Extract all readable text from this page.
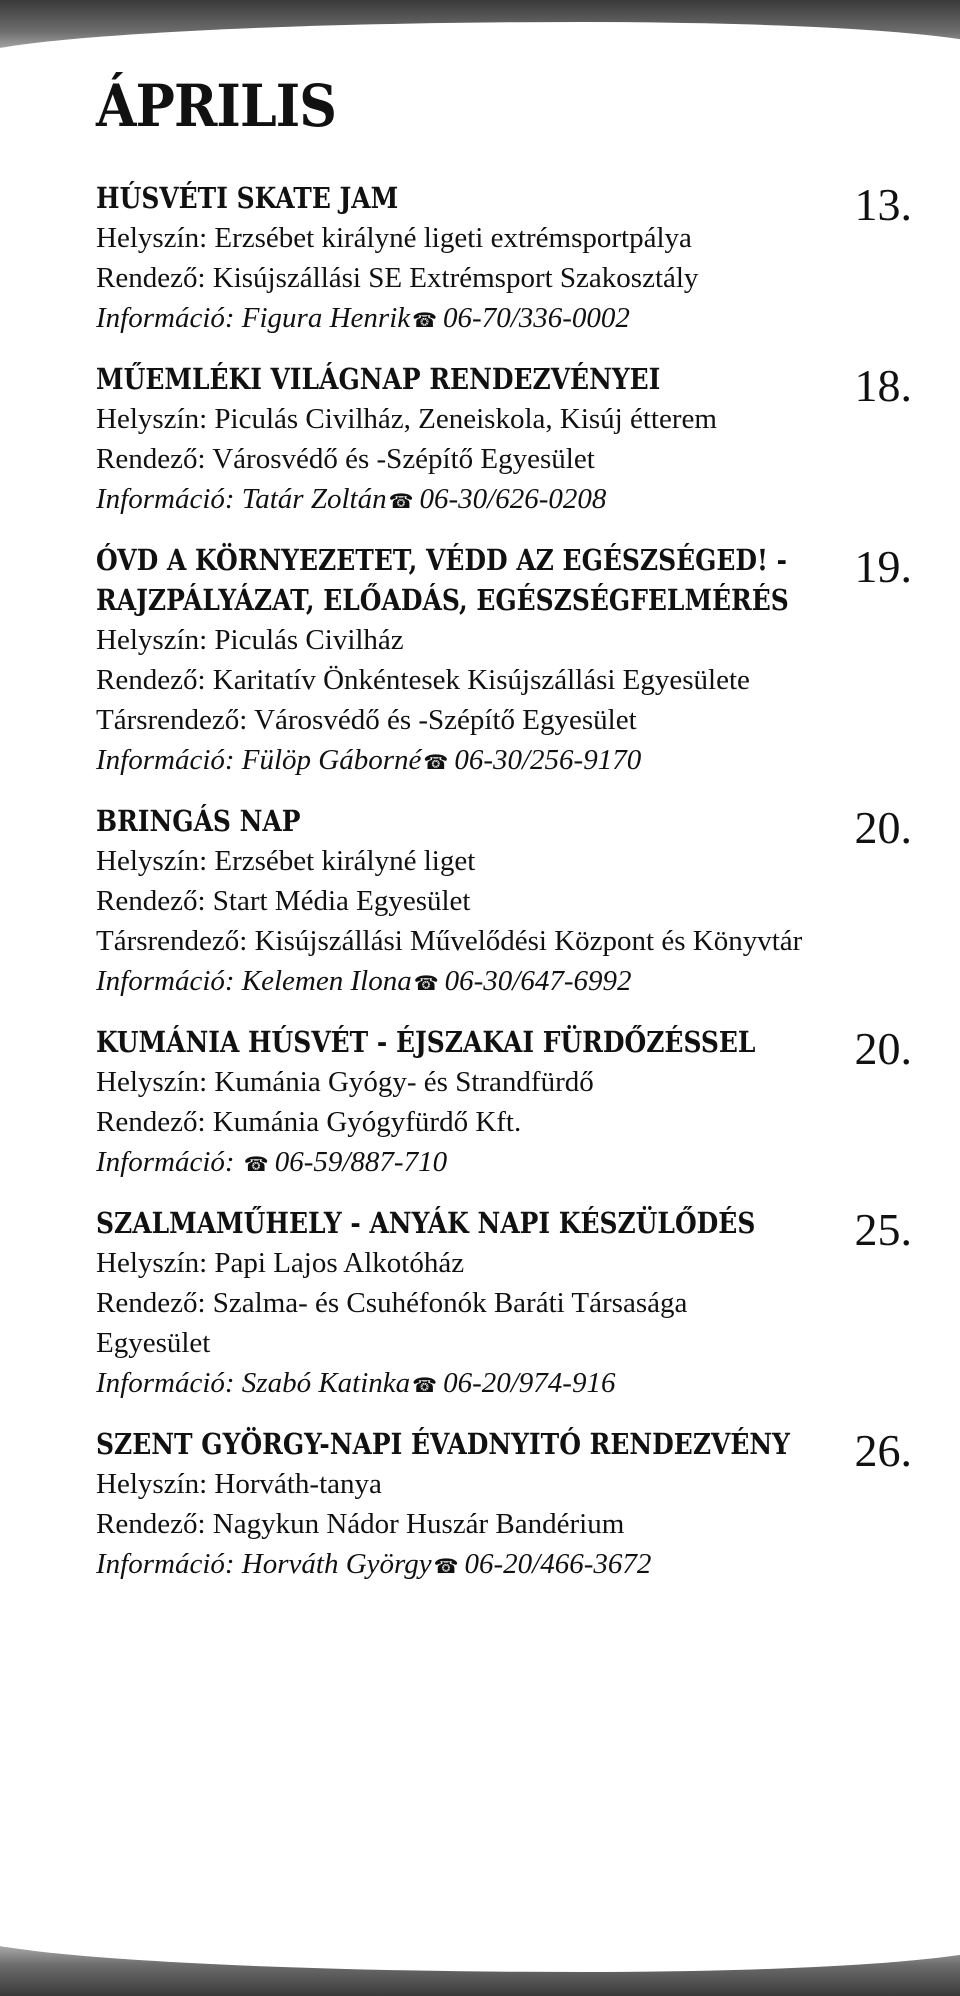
ÁPRILIS
HÚSVÉTI SKATE JAM
Helyszín: Erzsébet királyné ligeti extrémsportpálya
Rendező: Kisújszállási SE Extrémsport Szakosztály
Információ: Figura Henrik ☎ 06-70/336-0002
13.
MŰEMLÉKI VILÁGNAP RENDEZVÉNYEI
Helyszín: Piculás Civilház, Zeneiskola, Kisúj étterem
Rendező: Városvédő és -Szépítő Egyesület
Információ: Tatár Zoltán ☎ 06-30/626-0208
18.
ÓVD A KÖRNYEZETET, VÉDD AZ EGÉSZSÉGED! -
RAJZPÁLYÁZAT, ELŐADÁS, EGÉSZSÉGFELMÉRÉS
Helyszín: Piculás Civilház
Rendező: Karitatív Önkéntesek Kisújszállási Egyesülete
Társrendező: Városvédő és -Szépítő Egyesület
Információ: Fülöp Gáborné ☎ 06-30/256-9170
19.
BRINGÁS NAP
Helyszín: Erzsébet királyné liget
Rendező: Start Média Egyesület
Társrendező: Kisújszállási Művelődési Központ és Könyvtár
Információ: Kelemen Ilona ☎ 06-30/647-6992
20.
KUMÁNIA HÚSVÉT - ÉJSZAKAI FÜRDŐZÉSSEL
Helyszín: Kumánia Gyógy- és Strandfürdő
Rendező: Kumánia Gyógyfürdő Kft.
Információ: ☎ 06-59/887-710
20.
SZALMAMŰHELY - ANYÁK NAPI KÉSZÜLŐDÉS
Helyszín: Papi Lajos Alkotóház
Rendező: Szalma- és Csuhéfonók Baráti Társasága
Egyesület
Információ: Szabó Katinka ☎ 06-20/974-916
25.
SZENT GYÖRGY-NAPI ÉVADNYITÓ RENDEZVÉNY
Helyszín: Horváth-tanya
Rendező: Nagykun Nádor Huszár Bandérium
Információ: Horváth György ☎ 06-20/466-3672
26.
